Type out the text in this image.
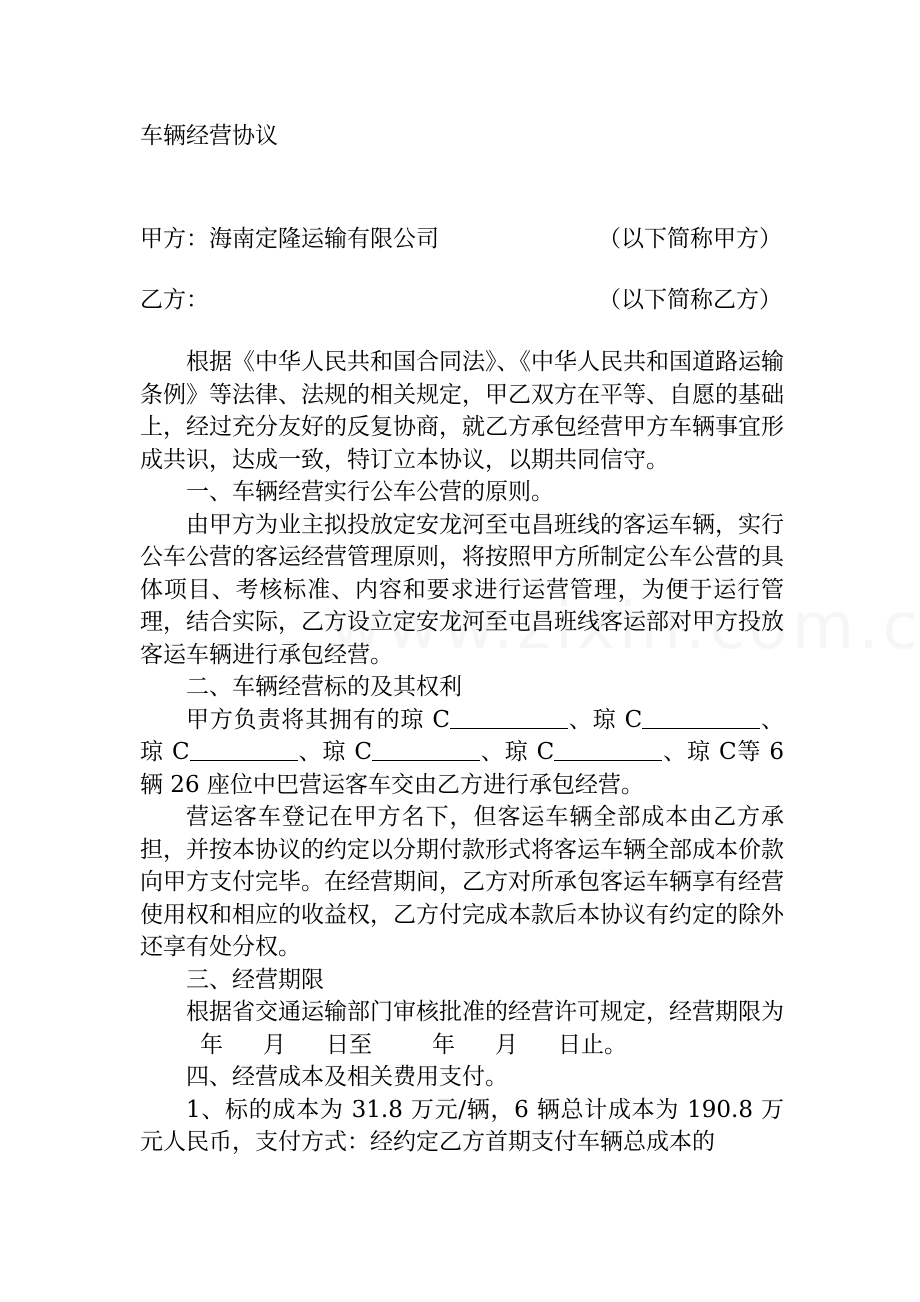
车辆经营协议
甲方：海南定隆运输有限公司	（以下简称甲方）
乙方：	（以下简称乙方）

根据《中华人民共和国合同法》、《中华人民共和国道路运输条例》等法律、法规的相关规定，甲乙双方在平等、自愿的基础上，经过充分友好的反复协商，就乙方承包经营甲方车辆事宜形成共识，达成一致，特订立本协议，以期共同信守。

一、车辆经营实行公车公营的原则。

由甲方为业主拟投放定安龙河至屯昌班线的客运车辆，实行公车公营的客运经营管理原则，将按照甲方所制定公车公营的具体项目、考核标准、内容和要求进行运营管理，为便于运行管理，结合实际，乙方设立定安龙河至屯昌班线客运部对甲方投放客运车辆进行承包经营。

二、车辆经营标的及其权利

甲方负责将其拥有的琼 C	、琼 C	、琼 C	、琼 C	、琼 C	、琼 C等 6 辆 26 座位中巴营运客车交由乙方进行承包经营。

营运客车登记在甲方名下，但客运车辆全部成本由乙方承担，并按本协议的约定以分期付款形式将客运车辆全部成本价款向甲方支付完毕。在经营期间，乙方对所承包客运车辆享有经营使用权和相应的收益权，乙方付完成本款后本协议有约定的除外还享有处分权。

三、经营期限

根据省交通运输部门审核批准的经营许可规定，经营期限为年 月 日至	年 月 日止。

四、经营成本及相关费用支付。

1、标的成本为 31.8 万元/辆，6 辆总计成本为 190.8 万元人民币，支付方式：经约定乙方首期支付车辆总成本的
